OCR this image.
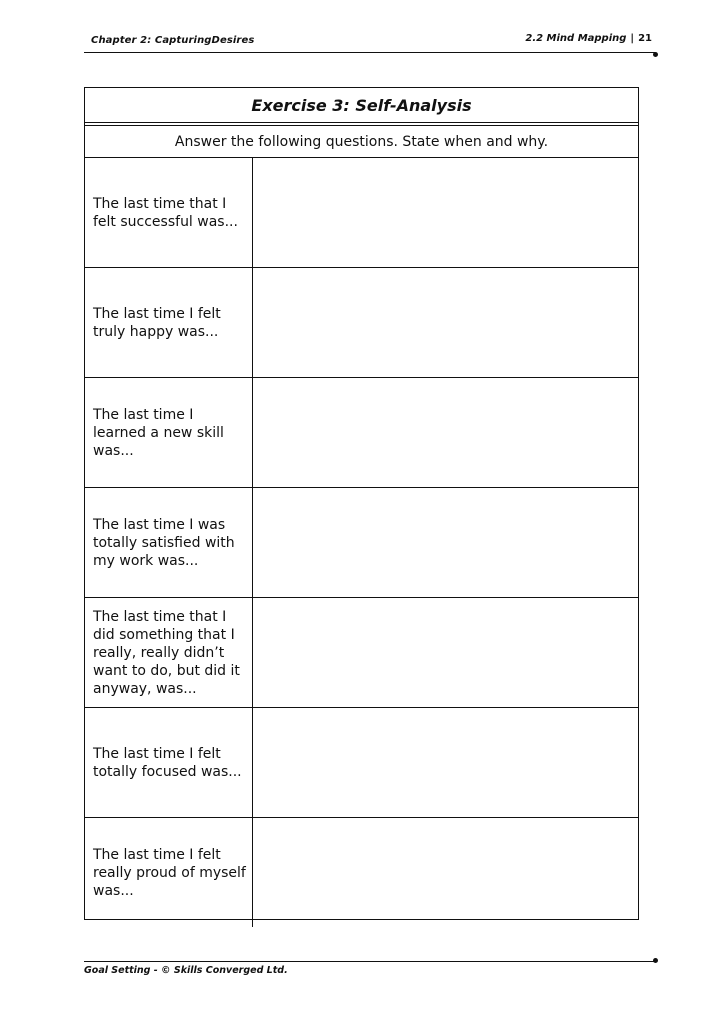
Chapter 2: CapturingDesires	2.2 Mind Mapping | 21
Exercise 3: Self-Analysis
Answer the following questions. State when and why.
The last time that I felt successful was...
The last time I felt truly happy was...
The last time I learned a new skill was...
The last time I was totally satisfied with my work was...
The last time that I did something that I really, really didn’t want to do, but did it anyway, was...
The last time I felt totally focused was...
The last time I felt really proud of myself was...
Goal Setting - © Skills Converged Ltd.
